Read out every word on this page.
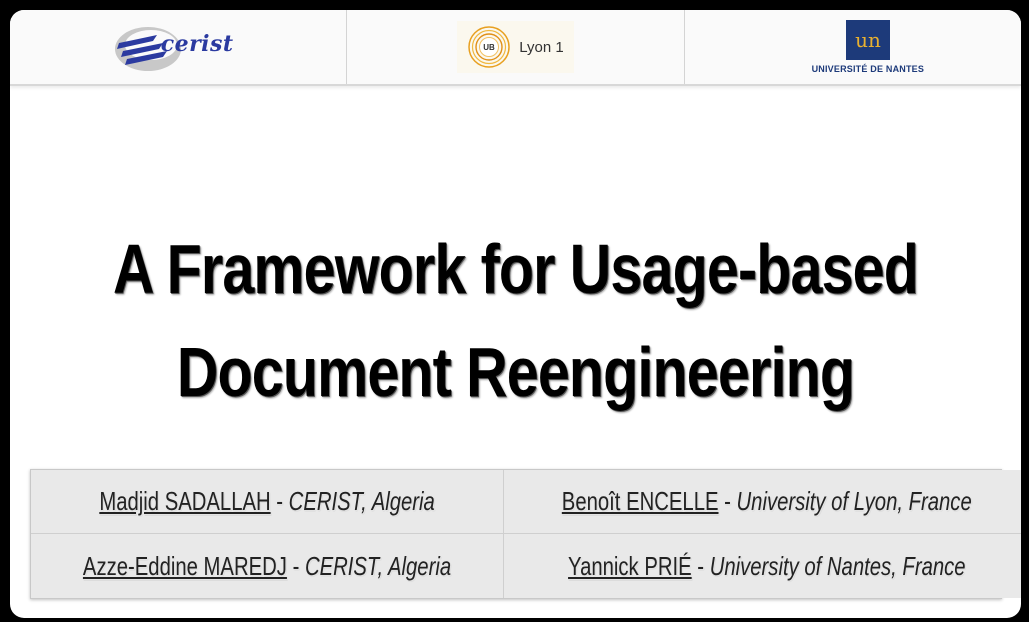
cerist	UB Lyon 1	un
UNIVERSITÉ DE NANTES
A Framework for Usage-based
Document Reengineering
Madjid SADALLAH - CERIST, Algeria	Benoît ENCELLE - University of Lyon, France
Azze-Eddine MAREDJ - CERIST, Algeria	Yannick PRIÉ - University of Nantes, France
